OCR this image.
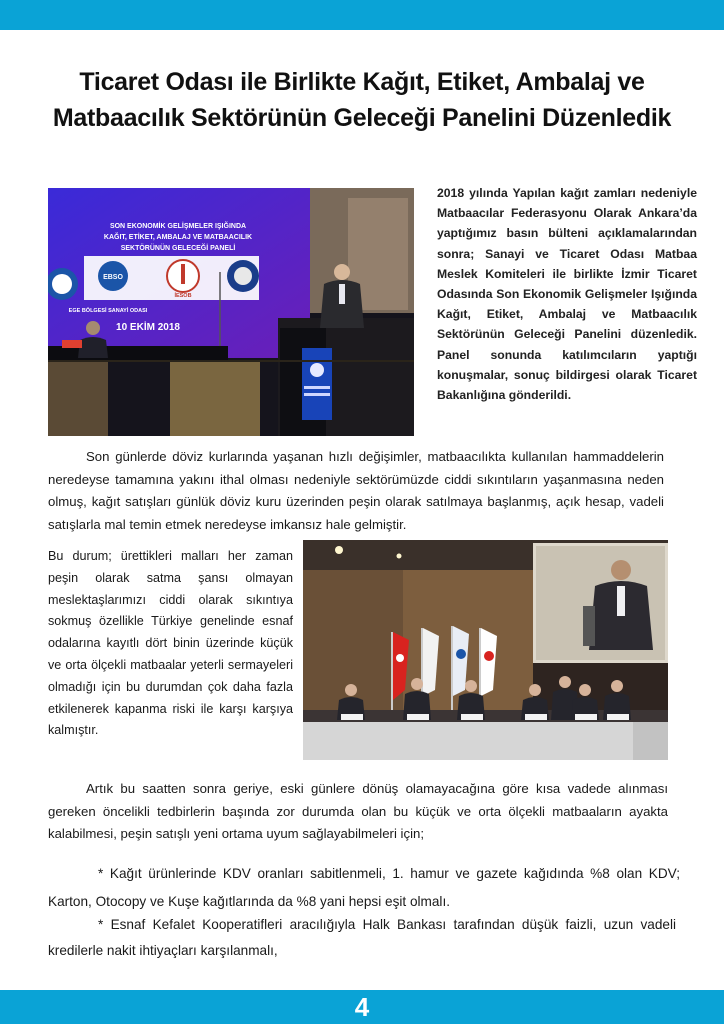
Ticaret Odası ile Birlikte Kağıt, Etiket, Ambalaj ve Matbaacılık Sektörünün Geleceği Panelini Düzenledik
SON EKONOMİK GELİŞMELER IŞIĞINDA
KAĞIT, ETİKET, AMBALAJ VE MATBAACILIK
SEKTÖRÜNÜN GELECEĞİ PANELİ
EBSO
İESOB
EGE BÖLGESİ SANAYİ ODASI
10 EKİM 2018
2018 yılında Yapılan kağıt zamları nedeniyle Matbaacılar Federasyonu Olarak Ankara’da yaptığımız basın bülteni açıklamalarından sonra; Sanayi ve Ticaret Odası Matbaa Meslek Komiteleri ile birlikte İzmir Ticaret Odasında Son Ekonomik Gelişmeler Işığında Kağıt, Etiket, Ambalaj ve Matbaacılık Sektörünün Geleceği Panelini düzenledik. Panel sonunda katılımcıların yaptığı konuşmalar, sonuç bildirgesi olarak Ticaret Bakanlığına gönderildi.
Son günlerde döviz kurlarında yaşanan hızlı değişimler, matbaacılıkta kullanılan hammaddelerin neredeyse tamamına yakını ithal olması nedeniyle sektörümüzde ciddi sıkıntıların yaşanmasına neden olmuş, kağıt satışları günlük döviz kuru üzerinden peşin olarak satılmaya başlanmış, açık hesap, vadeli satışlarla mal temin etmek neredeyse imkansız hale gelmiştir.
Bu durum; ürettikleri malları her zaman peşin olarak satma şansı olmayan meslektaşlarımızı ciddi olarak sıkıntıya sokmuş özellikle Türkiye genelinde esnaf odalarına kayıtlı dört binin üzerinde küçük ve orta ölçekli matbaalar yeterli sermayeleri olmadığı için bu durumdan çok daha fazla etkilenerek kapanma riski ile karşı karşıya kalmıştır.
Artık bu saatten sonra geriye, eski günlere dönüş olamayacağına göre kısa vadede alınması gereken öncelikli tedbirlerin başında zor durumda olan bu küçük ve orta ölçekli matbaaların ayakta kalabilmesi, peşin satışlı yeni ortama uyum sağlayabilmeleri için;
* Kağıt ürünlerinde KDV oranları sabitlenmeli, 1. hamur ve gazete kağıdında %8 olan KDV; Karton, Otocopy ve Kuşe kağıtlarında da %8 yani hepsi eşit olmalı.
* Esnaf Kefalet Kooperatifleri aracılığıyla Halk Bankası tarafından düşük faizli, uzun vadeli kredilerle nakit ihtiyaçları karşılanmalı,
4
